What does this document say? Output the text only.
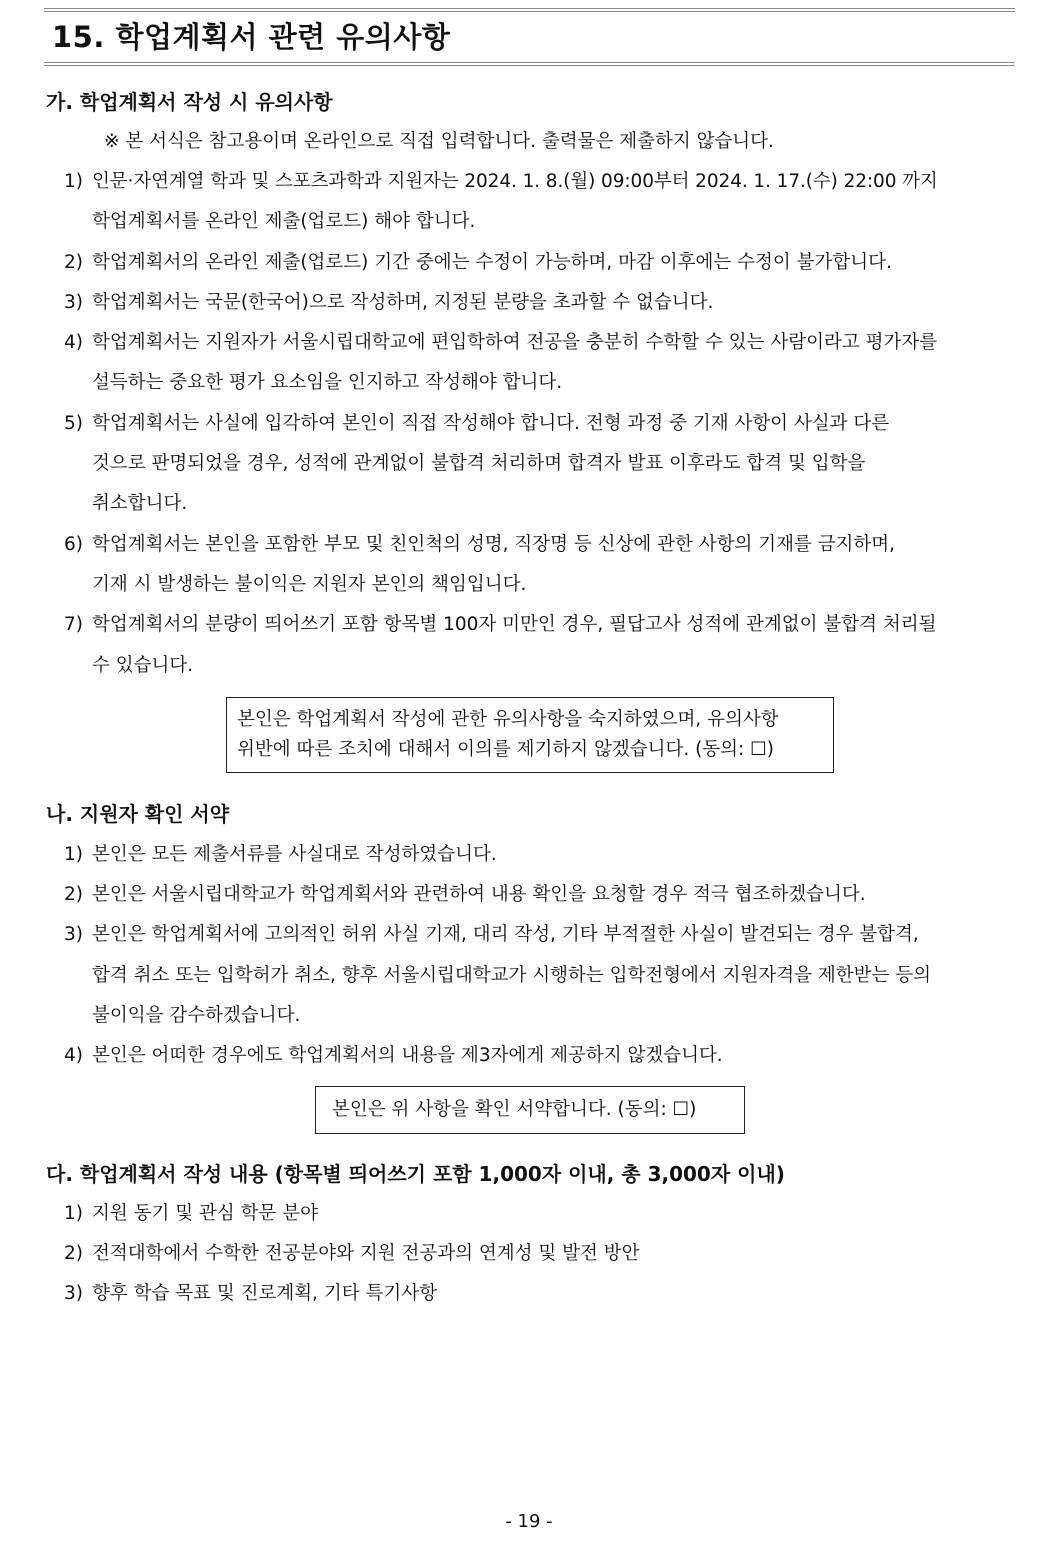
15. 학업계획서 관련 유의사항
가. 학업계획서 작성 시 유의사항

※ 본 서식은 참고용이며 온라인으로 직접 입력합니다. 출력물은 제출하지 않습니다.

1) 인문·자연계열 학과 및 스포츠과학과 지원자는 2024. 1. 8.(월) 09:00부터 2024. 1. 17.(수) 22:00 까지

학업계획서를 온라인 제출(업로드) 해야 합니다.

2) 학업계획서의 온라인 제출(업로드) 기간 중에는 수정이 가능하며, 마감 이후에는 수정이 불가합니다.

3) 학업계획서는 국문(한국어)으로 작성하며, 지정된 분량을 초과할 수 없습니다.

4) 학업계획서는 지원자가 서울시립대학교에 편입학하여 전공을 충분히 수학할 수 있는 사람이라고 평가자를

설득하는 중요한 평가 요소임을 인지하고 작성해야 합니다.

5) 학업계획서는 사실에 입각하여 본인이 직접 작성해야 합니다. 전형 과정 중 기재 사항이 사실과 다른

것으로 판명되었을 경우, 성적에 관계없이 불합격 처리하며 합격자 발표 이후라도 합격 및 입학을

취소합니다.

6) 학업계획서는 본인을 포함한 부모 및 친인척의 성명, 직장명 등 신상에 관한 사항의 기재를 금지하며,

기재 시 발생하는 불이익은 지원자 본인의 책임입니다.

7) 학업계획서의 분량이 띄어쓰기 포함 항목별 100자 미만인 경우, 필답고사 성적에 관계없이 불합격 처리될

수 있습니다.

본인은 학업계획서 작성에 관한 유의사항을 숙지하였으며, 유의사항
위반에 따른 조치에 대해서 이의를 제기하지 않겠습니다. (동의: ☐)
나. 지원자 확인 서약
1) 본인은 모든 제출서류를 사실대로 작성하였습니다.

2) 본인은 서울시립대학교가 학업계획서와 관련하여 내용 확인을 요청할 경우 적극 협조하겠습니다.

3) 본인은 학업계획서에 고의적인 허위 사실 기재, 대리 작성, 기타 부적절한 사실이 발견되는 경우 불합격,

합격 취소 또는 입학허가 취소, 향후 서울시립대학교가 시행하는 입학전형에서 지원자격을 제한받는 등의

불이익을 감수하겠습니다.

4) 본인은 어떠한 경우에도 학업계획서의 내용을 제3자에게 제공하지 않겠습니다.

본인은 위 사항을 확인 서약합니다. (동의: ☐)
다. 학업계획서 작성 내용 (항목별 띄어쓰기 포함 1,000자 이내, 총 3,000자 이내)
1) 지원 동기 및 관심 학문 분야

2) 전적대학에서 수학한 전공분야와 지원 전공과의 연계성 및 발전 방안

3) 향후 학습 목표 및 진로계획, 기타 특기사항

- 19 -
